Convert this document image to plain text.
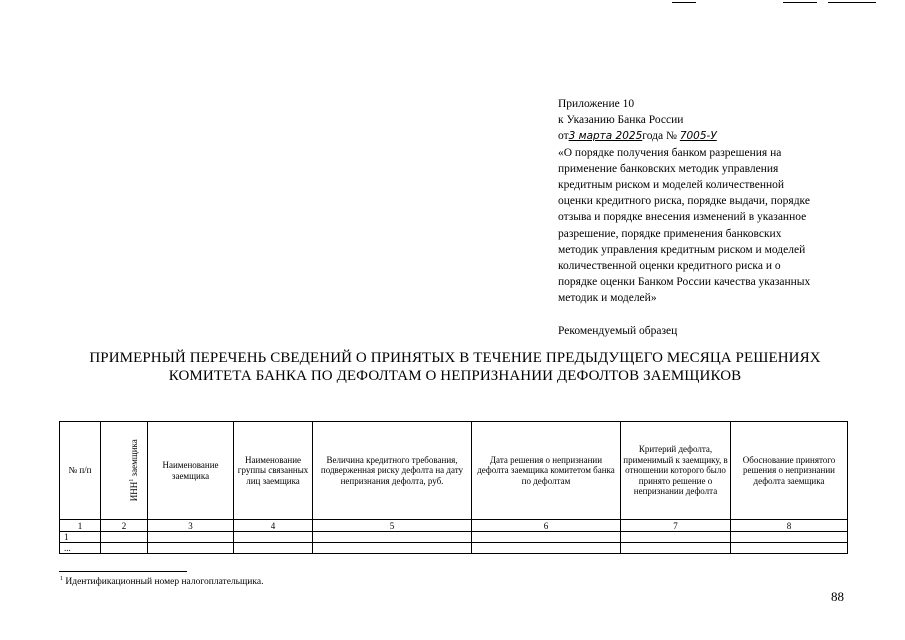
Приложение 10
к Указанию Банка России
от3 марта 2025года № 7005-У
«О порядке получения банком разрешения на
применение банковских методик управления
кредитным риском и моделей количественной
оценки кредитного риска, порядке выдачи, порядке
отзыва и порядке внесения изменений в указанное
разрешение, порядке применения банковских
методик управления кредитным риском и моделей
количественной оценки кредитного риска и о
порядке оценки Банком России качества указанных
методик и моделей»
Рекомендуемый образец
ПРИМЕРНЫЙ ПЕРЕЧЕНЬ СВЕДЕНИЙ О ПРИНЯТЫХ В ТЕЧЕНИЕ ПРЕДЫДУЩЕГО МЕСЯЦА РЕШЕНИЯХ
КОМИТЕТА БАНКА ПО ДЕФОЛТАМ О НЕПРИЗНАНИИ ДЕФОЛТОВ ЗАЕМЩИКОВ
№ п/п	ИНН$^1$ заемщика	Наименование заемщика	Наименование группы связанных лиц заемщика	Величина кредитного требования, подверженная риску дефолта на дату непризнания дефолта, руб.	Дата решения о непризнании дефолта заемщика комитетом банка по дефолтам	Критерий дефолта, применимый к заемщику, в отношении которого было принято решение о непризнании дефолта	Обоснование принятого решения о непризнании дефолта заемщика
1	2	3	4	5	6	7	8
1							
...							
$^1$ Идентификационный номер налогоплательщика.
88
